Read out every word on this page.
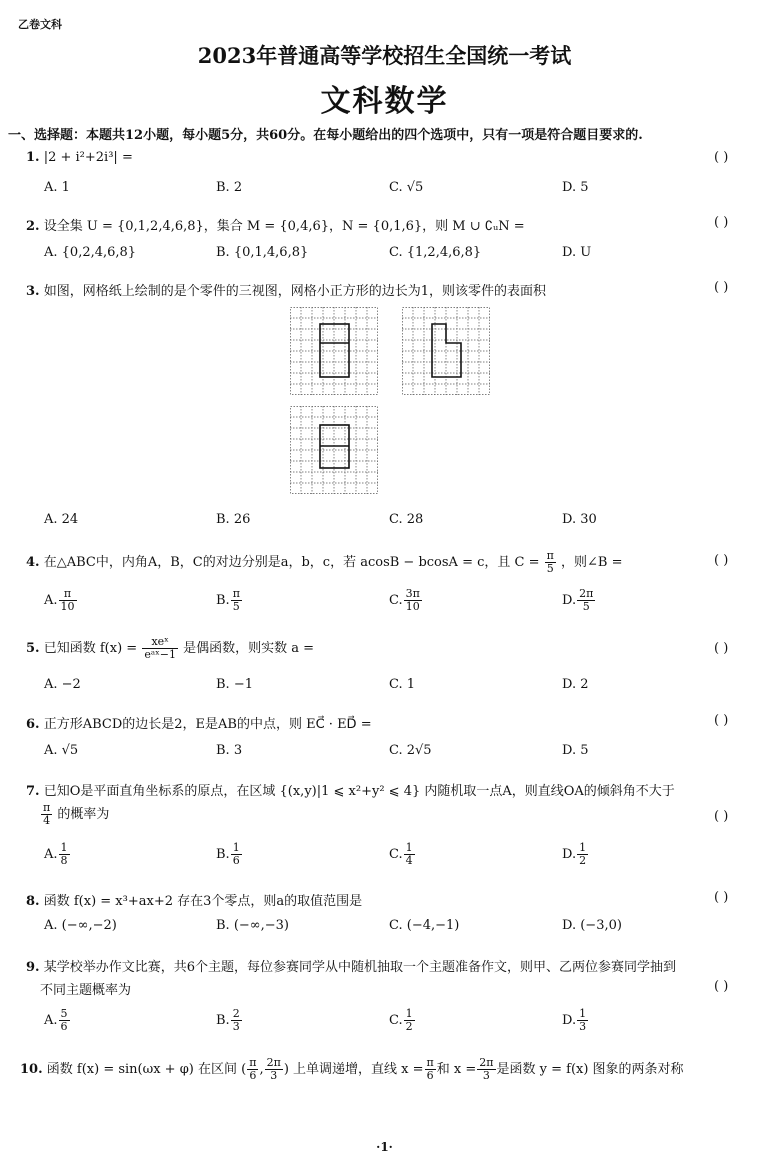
乙卷文科
2023年普通高等学校招生全国统一考试
文科数学
一、选择题：本题共12小题，每小题5分，共60分。在每小题给出的四个选项中，只有一项是符合题目要求的.
1. |2 + i²+2i³| =	( )
A. 1	B. 2	C. √5	D. 5
2. 设全集 U = {0,1,2,4,6,8}，集合 M = {0,4,6}，N = {0,1,6}，则 M ∪ ∁ᵤN =	( )
A. {0,2,4,6,8}	B. {0,1,4,6,8}	C. {1,2,4,6,8}	D. U
3. 如图，网格纸上绘制的是个零件的三视图，网格小正方形的边长为1，则该零件的表面积	( )
A. 24	B. 26	C. 28	D. 30
4. 在△ABC中，内角A，B，C的对边分别是a，b，c，若 acosB − bcosA = c，且 $C = \frac{\pi}{5}$ ，则∠B =	( )
A. $\frac{\pi}{10}$	B. $\frac{\pi}{5}$	C. $\frac{3\pi}{10}$	D. $\frac{2\pi}{5}$
5. 已知函数 $f(x) = \frac{\text{xeˣ}}{\text{eᵃˣ−1}}$ 是偶函数，则实数 a =	( )
A. −2	B. −1	C. 1	D. 2
6. 正方形ABCD的边长是2，E是AB的中点，则 EC⃗ · ED⃗ =	( )
A. √5	B. 3	C. 2√5	D. 5
7. 已知O是平面直角坐标系的原点，在区域 {(x,y)|1 ⩽ x²+y² ⩽ 4} 内随机取一点A，则直线OA的倾斜角不大于
$\frac{\pi}{4}$ 的概率为	( )
A. $\frac{1}{8}$	B. $\frac{1}{6}$	C. $\frac{1}{4}$	D. $\frac{1}{2}$
8. 函数 f(x) = x³+ax+2 存在3个零点，则a的取值范围是	( )
A. (−∞,−2)	B. (−∞,−3)	C. (−4,−1)	D. (−3,0)
9. 某学校举办作文比赛，共6个主题，每位参赛同学从中随机抽取一个主题准备作文，则甲、乙两位参赛同学抽到
不同主题概率为	( )
A. $\frac{5}{6}$	B. $\frac{2}{3}$	C. $\frac{1}{2}$	D. $\frac{1}{3}$
10. 函数 f(x) = sin(ωx + φ) 在区间 ( $\frac{\pi}{6}$ , $\frac{2\pi}{3}$ ) 上单调递增，直线 $x = \frac{\pi}{6}$ 和 $x = \frac{2\pi}{3}$ 是函数 y = f(x) 图象的两条对称
·1·
